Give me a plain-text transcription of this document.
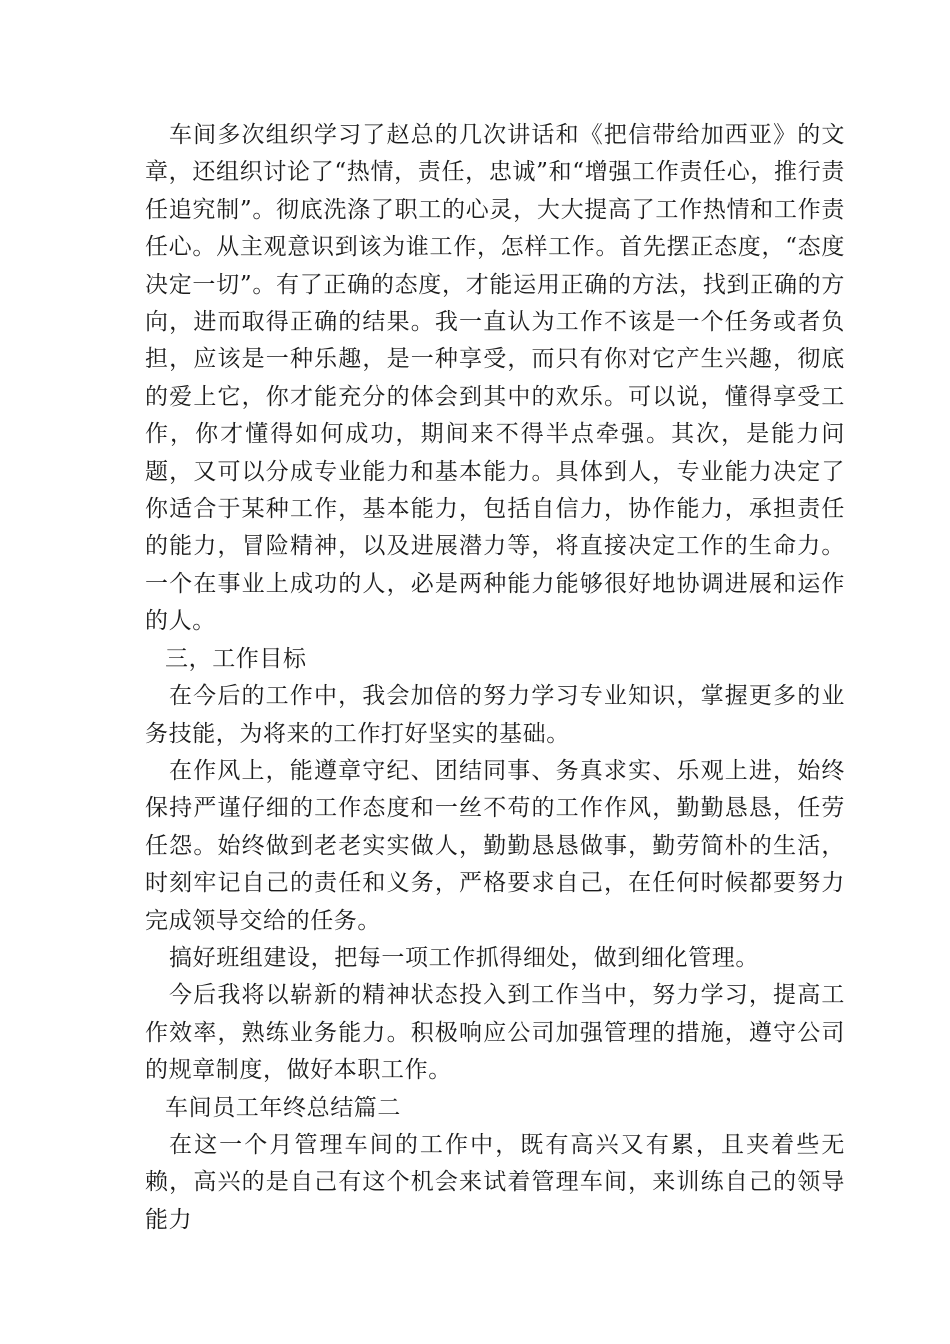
车间多次组织学习了赵总的几次讲话和《把信带给加西亚》的文章，还组织讨论了“热情，责任，忠诚”和“增强工作责任心，推行责任追究制”。彻底洗涤了职工的心灵，大大提高了工作热情和工作责任心。从主观意识到该为谁工作，怎样工作。首先摆正态度，“态度决定一切”。有了正确的态度，才能运用正确的方法，找到正确的方向，进而取得正确的结果。我一直认为工作不该是一个任务或者负担，应该是一种乐趣，是一种享受，而只有你对它产生兴趣，彻底的爱上它，你才能充分的体会到其中的欢乐。可以说，懂得享受工作，你才懂得如何成功，期间来不得半点牵强。其次，是能力问题，又可以分成专业能力和基本能力。具体到人，专业能力决定了你适合于某种工作，基本能力，包括自信力，协作能力，承担责任的能力，冒险精神，以及进展潜力等，将直接决定工作的生命力。一个在事业上成功的人，必是两种能力能够很好地协调进展和运作的人。

三，工作目标

在今后的工作中，我会加倍的努力学习专业知识，掌握更多的业务技能，为将来的工作打好坚实的基础。

在作风上，能遵章守纪、团结同事、务真求实、乐观上进，始终保持严谨仔细的工作态度和一丝不苟的工作作风，勤勤恳恳，任劳任怨。始终做到老老实实做人，勤勤恳恳做事，勤劳简朴的生活，时刻牢记自己的责任和义务，严格要求自己，在任何时候都要努力完成领导交给的任务。

搞好班组建设，把每一项工作抓得细处，做到细化管理。

今后我将以崭新的精神状态投入到工作当中，努力学习，提高工作效率，熟练业务能力。积极响应公司加强管理的措施，遵守公司的规章制度，做好本职工作。

车间员工年终总结篇二

在这一个月管理车间的工作中，既有高兴又有累，且夹着些无赖，高兴的是自己有这个机会来试着管理车间，来训练自己的领导能力
